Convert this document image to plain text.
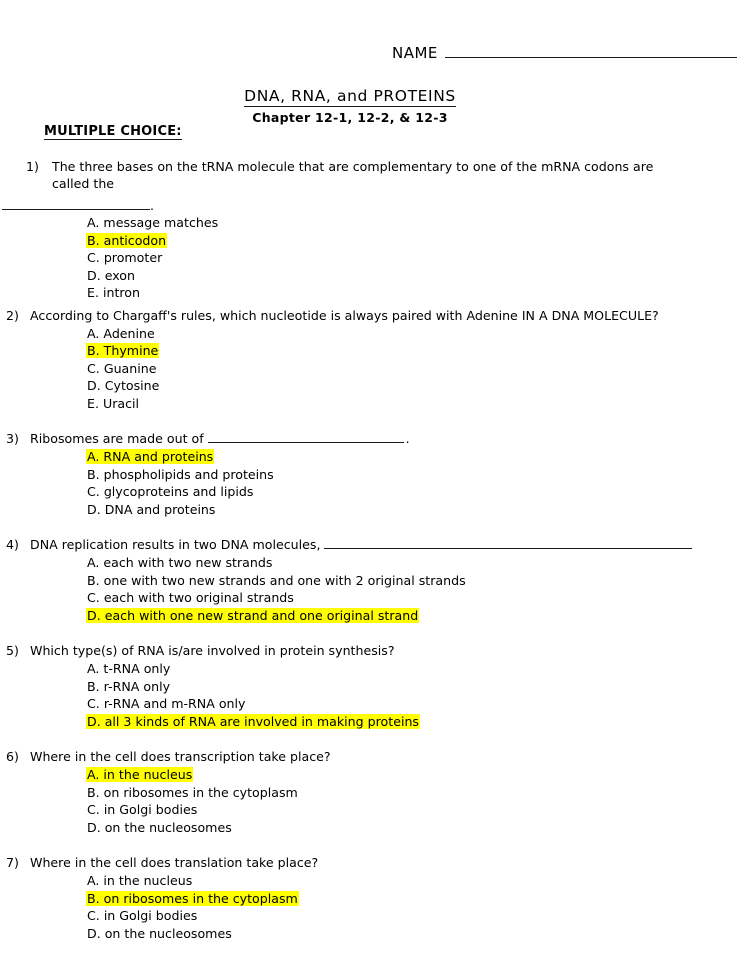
NAME
DNA, RNA, and PROTEINS
Chapter 12-1, 12-2, & 12-3
MULTIPLE CHOICE:
1)	The three bases on the tRNA molecule that are complementary to one of the mRNA codons are called the
.
A. message matches
B. anticodon
C. promoter
D. exon
E. intron
2) According to Chargaff's rules, which nucleotide is always paired with Adenine IN A DNA MOLECULE?
A. Adenine
B. Thymine
C. Guanine
D. Cytosine
E. Uracil
3) Ribosomes are made out of	.
A. RNA and proteins
B. phospholipids and proteins
C. glycoproteins and lipids
D. DNA and proteins
4) DNA replication results in two DNA molecules,
A. each with two new strands
B. one with two new strands and one with 2 original strands
C. each with two original strands
D. each with one new strand and one original strand
5) Which type(s) of RNA is/are involved in protein synthesis?
A. t-RNA only
B. r-RNA only
C. r-RNA and m-RNA only
D. all 3 kinds of RNA are involved in making proteins
6) Where in the cell does transcription take place?
A. in the nucleus
B. on ribosomes in the cytoplasm
C. in Golgi bodies
D. on the nucleosomes
7) Where in the cell does translation take place?
A. in the nucleus
B. on ribosomes in the cytoplasm
C. in Golgi bodies
D. on the nucleosomes
